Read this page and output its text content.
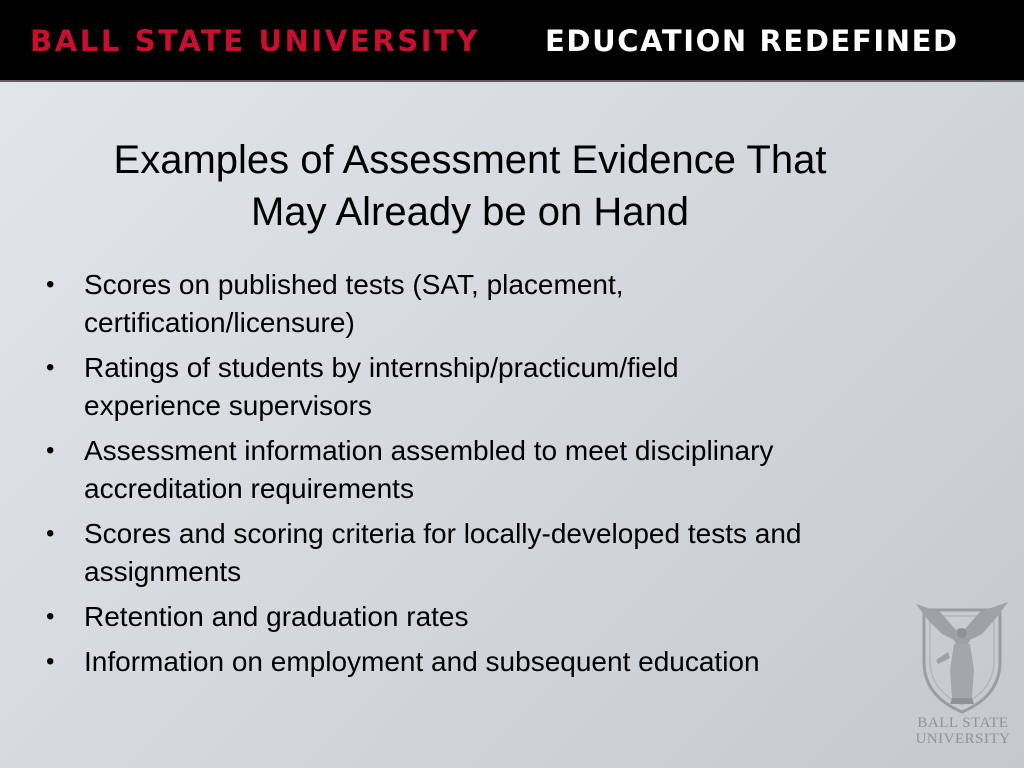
BALL STATE UNIVERSITY EDUCATION REDEFINED
Examples of Assessment Evidence That
May Already be on Hand
• Scores on published tests (SAT, placement,
certification/licensure)
• Ratings of students by internship/practicum/field
experience supervisors
• Assessment information assembled to meet disciplinary
accreditation requirements
• Scores and scoring criteria for locally-developed tests and
assignments
• Retention and graduation rates
• Information on employment and subsequent education
BALL STATE
UNIVERSITY
